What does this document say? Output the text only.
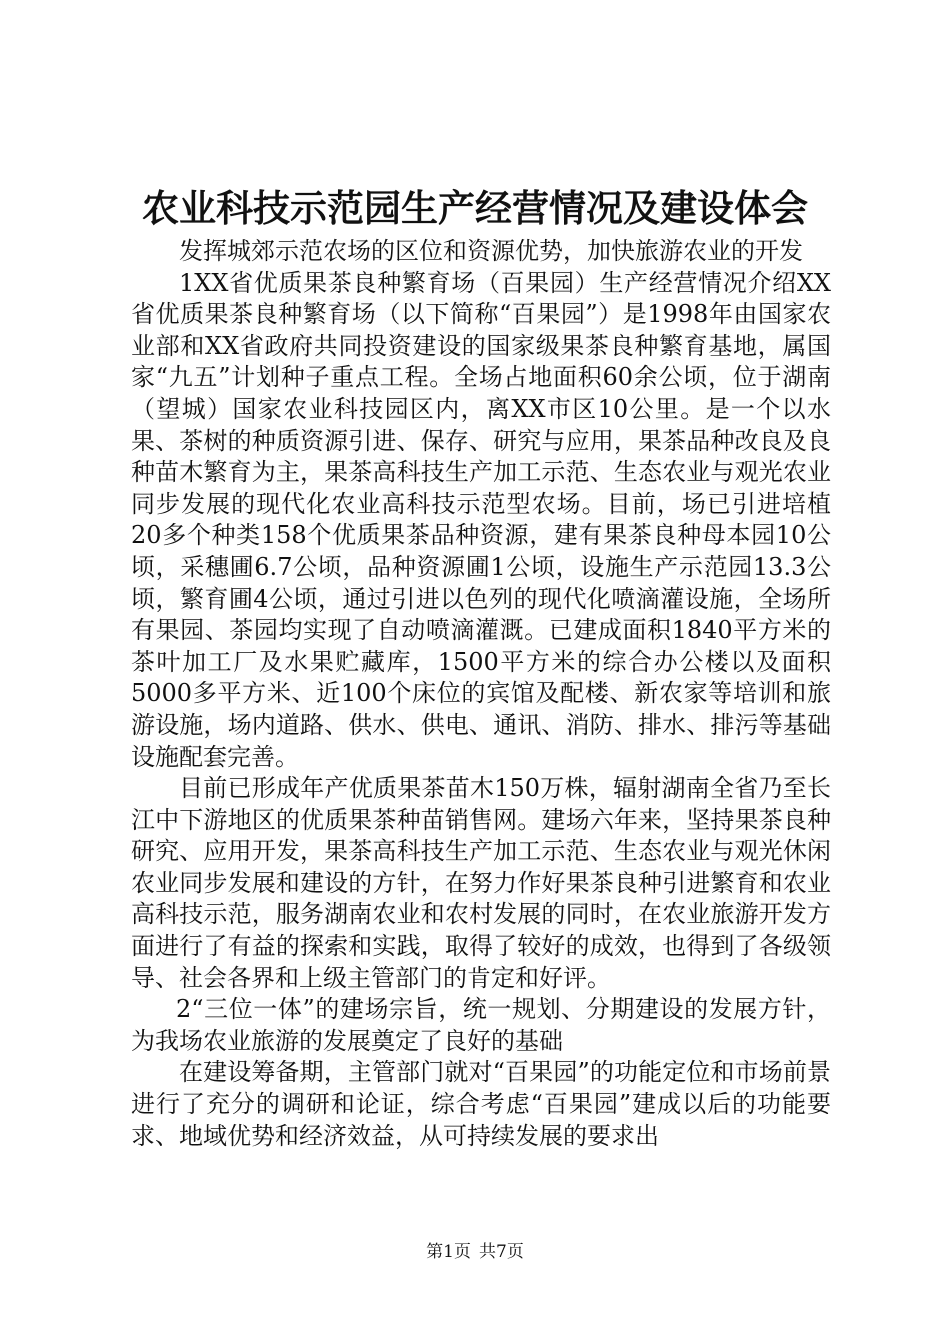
农业科技示范园生产经营情况及建设体会

发挥城郊示范农场的区位和资源优势，加快旅游农业的开发

1XX省优质果茶良种繁育场（百果园）生产经营情况介绍XX省优质果茶良种繁育场（以下简称“百果园”）是1998年由国家农业部和XX省政府共同投资建设的国家级果茶良种繁育基地，属国家“九五”计划种子重点工程。全场占地面积60余公顷，位于湖南（望城）国家农业科技园区内，离XX市区10公里。是一个以水果、茶树的种质资源引进、保存、研究与应用，果茶品种改良及良种苗木繁育为主，果茶高科技生产加工示范、生态农业与观光农业同步发展的现代化农业高科技示范型农场。目前，场已引进培植20多个种类158个优质果茶品种资源，建有果茶良种母本园10公顷，采穗圃6.7公顷，品种资源圃1公顷，设施生产示范园13.3公顷，繁育圃4公顷，通过引进以色列的现代化喷滴灌设施，全场所有果园、茶园均实现了自动喷滴灌溉。已建成面积1840平方米的茶叶加工厂及水果贮藏库，1500平方米的综合办公楼以及面积5000多平方米、近100个床位的宾馆及配楼、新农家等培训和旅游设施，场内道路、供水、供电、通讯、消防、排水、排污等基础设施配套完善。

目前已形成年产优质果茶苗木150万株，辐射湖南全省乃至长江中下游地区的优质果茶种苗销售网。建场六年来，坚持果茶良种研究、应用开发，果茶高科技生产加工示范、生态农业与观光休闲农业同步发展和建设的方针，在努力作好果茶良种引进繁育和农业高科技示范，服务湖南农业和农村发展的同时，在农业旅游开发方面进行了有益的探索和实践，取得了较好的成效，也得到了各级领导、社会各界和上级主管部门的肯定和好评。

2“三位一体”的建场宗旨，统一规划、分期建设的发展方针，为我场农业旅游的发展奠定了良好的基础

在建设筹备期，主管部门就对“百果园”的功能定位和市场前景进行了充分的调研和论证，综合考虑“百果园”建成以后的功能要求、地域优势和经济效益，从可持续发展的要求出

第1页 共7页
